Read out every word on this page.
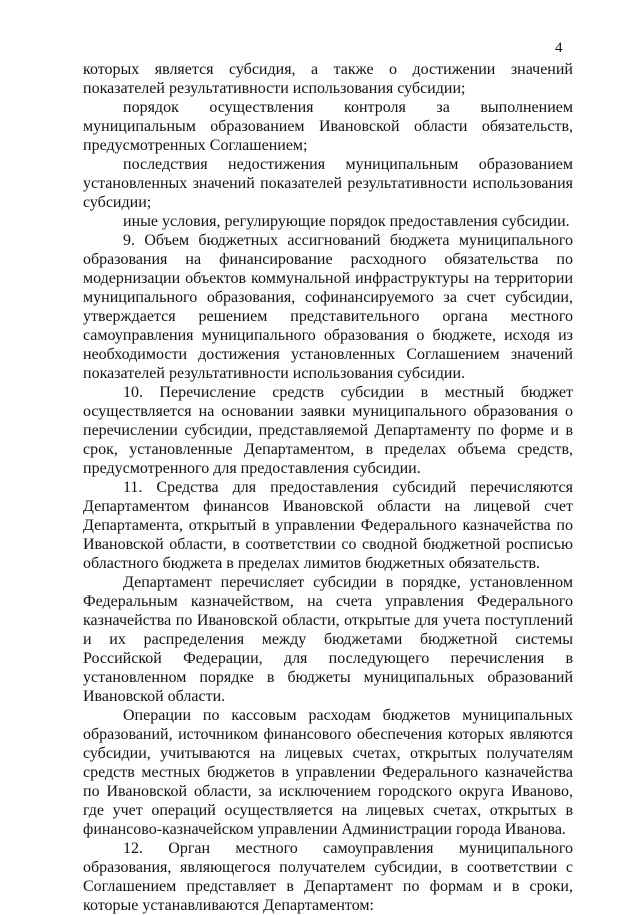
4

которых является субсидия, а также о достижении значений показателей результативности использования субсидии;

порядок осуществления контроля за выполнением муниципальным образованием Ивановской области обязательств, предусмотренных Соглашением;

последствия недостижения муниципальным образованием установленных значений показателей результативности использования субсидии;

иные условия, регулирующие порядок предоставления субсидии.

9. Объем бюджетных ассигнований бюджета муниципального образования на финансирование расходного обязательства по модернизации объектов коммунальной инфраструктуры на территории муниципального образования, софинансируемого за счет субсидии, утверждается решением представительного органа местного самоуправления муниципального образования о бюджете, исходя из необходимости достижения установленных Соглашением значений показателей результативности использования субсидии.

10. Перечисление средств субсидии в местный бюджет осуществляется на основании заявки муниципального образования о перечислении субсидии, представляемой Департаменту по форме и в срок, установленные Департаментом, в пределах объема средств, предусмотренного для предоставления субсидии.

11. Средства для предоставления субсидий перечисляются Департаментом финансов Ивановской области на лицевой счет Департамента, открытый в управлении Федерального казначейства по Ивановской области, в соответствии со сводной бюджетной росписью областного бюджета в пределах лимитов бюджетных обязательств.

Департамент перечисляет субсидии в порядке, установленном Федеральным казначейством, на счета управления Федерального казначейства по Ивановской области, открытые для учета поступлений и их распределения между бюджетами бюджетной системы Российской Федерации, для последующего перечисления в установленном порядке в бюджеты муниципальных образований Ивановской области.

Операции по кассовым расходам бюджетов муниципальных образований, источником финансового обеспечения которых являются субсидии, учитываются на лицевых счетах, открытых получателям средств местных бюджетов в управлении Федерального казначейства по Ивановской области, за исключением городского округа Иваново, где учет операций осуществляется на лицевых счетах, открытых в финансово-казначейском управлении Администрации города Иванова.

12. Орган местного самоуправления муниципального образования, являющегося получателем субсидии, в соответствии с Соглашением представляет в Департамент по формам и в сроки, которые устанавливаются Департаментом:
